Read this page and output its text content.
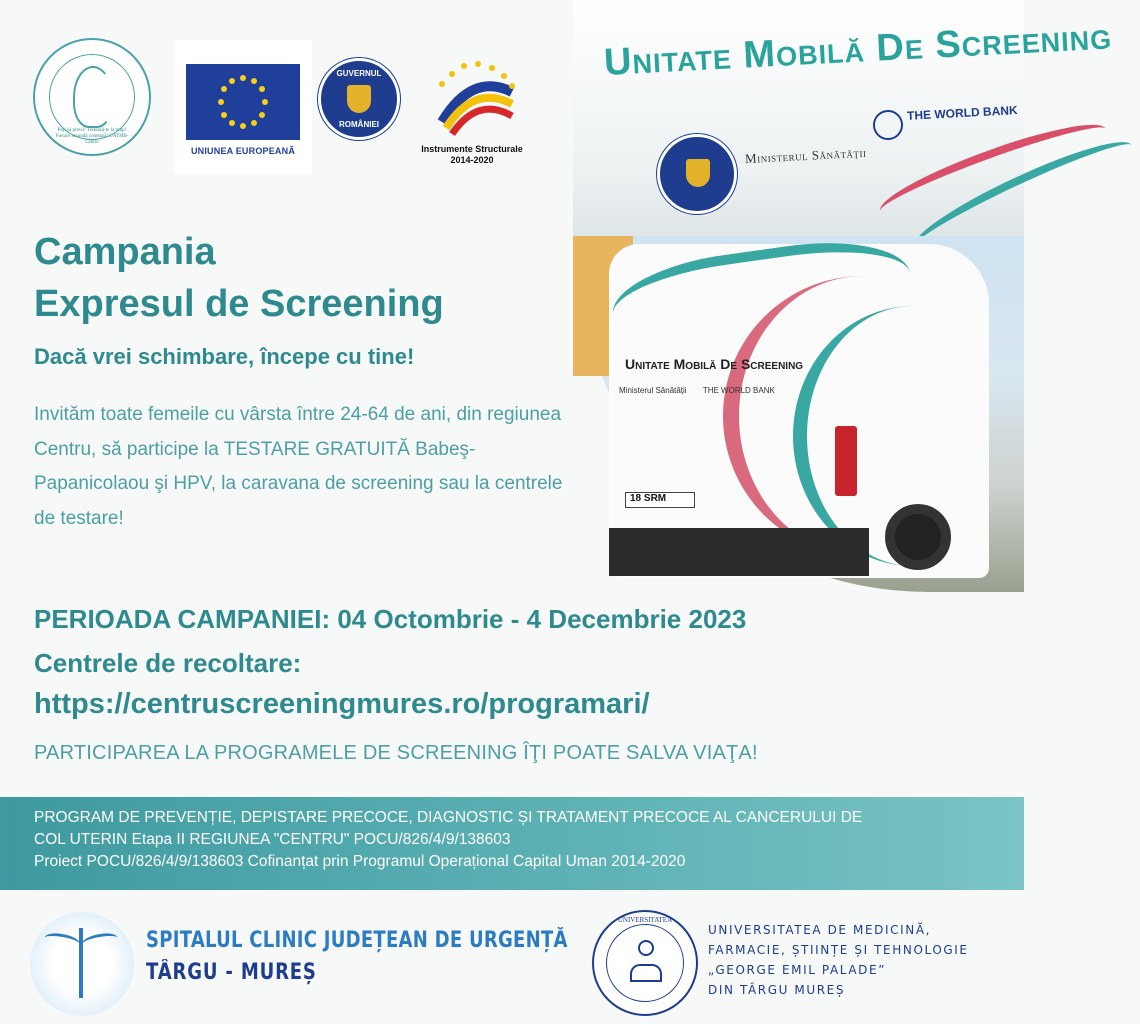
Poți să previi! Testează-te la timp! Fiecare secundă contează! UATMB-Centru
UNIUNEA EUROPEANĂ
GUVERNUL
ROMÂNIEI
Instrumente Structurale
2014-2020
Unitate Mobilă De Screening
Ministerul Sănătății
THE WORLD BANK
Unitate Mobilă De Screening
Ministerul Sănătății THE WORLD BANK
18 SRM
Campania
Expresul de Screening
Dacă vrei schimbare, începe cu tine!
Invităm toate femeile cu vârsta între 24-64 de ani, din regiunea Centru, să participe la TESTARE GRATUITĂ Babeş-Papanicolaou şi HPV, la caravana de screening sau la centrele de testare!
PERIOADA CAMPANIEI: 04 Octombrie - 4 Decembrie 2023
Centrele de recoltare:
https://centruscreeningmures.ro/programari/
PARTICIPAREA LA PROGRAMELE DE SCREENING ÎŢI POATE SALVA VIAŢA!

PROGRAM DE PREVENȚIE, DEPISTARE PRECOCE, DIAGNOSTIC ȘI TRATAMENT PRECOCE AL CANCERULUI DE

COL UTERIN Etapa II REGIUNEA "CENTRU" POCU/826/4/9/138603

Proiect POCU/826/4/9/138603 Cofinanțat prin Programul Operațional Capital Uman 2014-2020

SPITALUL CLINIC JUDEȚEAN DE URGENȚĂ
TÂRGU - MUREȘ
UNIVERSITATEA
UNIVERSITATEA DE MEDICINĂ,
FARMACIE, ȘTIINȚE ȘI TEHNOLOGIE
„GEORGE EMIL PALADE”
DIN TÂRGU MUREȘ
